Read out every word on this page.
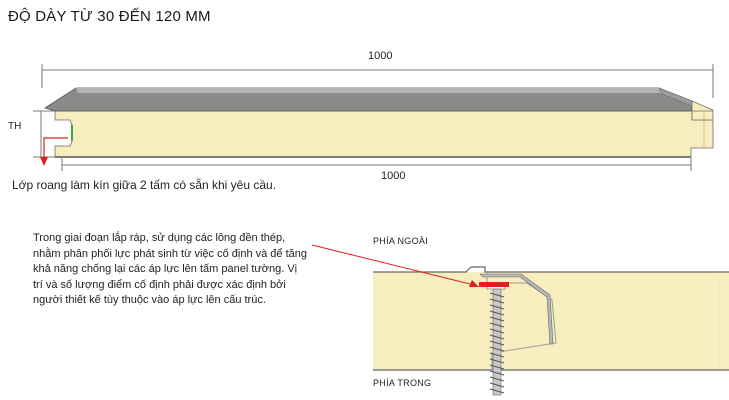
ĐỘ DÀY TỪ 30 ĐẾN 120 MM
1000
TH
1000
Lớp roang làm kín giữa 2 tấm có sẵn khi yêu cầu.
Trong giai đoạn lắp ráp, sử dụng các lông đền thép, nhằm phân phối lực phát sinh từ việc cố định và để tăng khả năng chống lại các áp lực lên tấm panel tường. Vị trí và số lượng điểm cố định phải được xác định bởi người thiết kế tùy thuộc vào áp lực lên cấu trúc.
PHÍA NGOÀI
PHÍA TRONG
